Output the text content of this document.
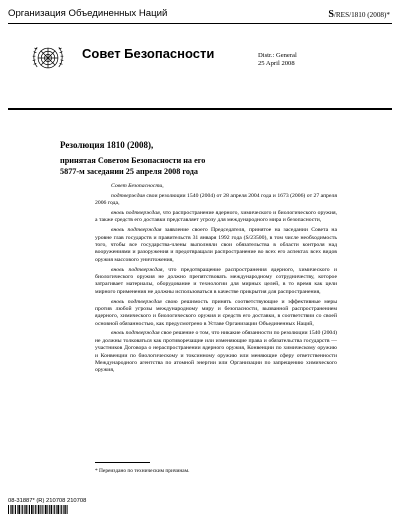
Организация Объединенных Наций	S/RES/1810 (2008)*
Совет Безопасности	Distr.: General
25 April 2008
Резолюция 1810 (2008),
принятая Советом Безопасности на его
5877-м заседании 25 апреля 2008 года

Совет Безопасности,

подтверждая свои резолюции 1540 (2004) от 28 апреля 2004 года и 1673 (2006) от 27 апреля 2006 года,

вновь подтверждая, что распространение ядерного, химического и биологического оружия, а также средств его доставки представляет угрозу для международного мира и безопасности,

вновь подтверждая заявление своего Председателя, принятое на заседании Совета на уровне глав государств и правительств 31 января 1992 года (S/23500), в том числе необходимость того, чтобы все государства-члены выполняли свои обязательства в области контроля над вооружениями и разоружения и предотвращали распространение во всех его аспектах всех видов оружия массового уничтожения,

вновь подтверждая, что предотвращение распространения ядерного, химического и биологического оружия не должно препятствовать международному сотрудничеству, которое затрагивает материалы, оборудование и технологии для мирных целей, в то время как цели мирного применения не должны использоваться в качестве прикрытия для распространения,

вновь подтверждая свою решимость принять соответствующие и эффективные меры против любой угрозы международному миру и безопасности, вызванной распространением ядерного, химического и биологического оружия и средств его доставки, в соответствии со своей основной обязанностью, как предусмотрено в Уставе Организации Объединенных Наций,

вновь подтверждая свое решение о том, что никакие обязанности по резолюции 1540 (2004) не должны толковаться как противоречащие или изменяющие права и обязательства государств — участников Договора о нераспространении ядерного оружия, Конвенции по химическому оружию и Конвенции по биологическому и токсинному оружию или меняющие сферу ответственности Международного агентства по атомной энергии или Организации по запрещению химического оружия,

* Переиздано по техническим причинам.
08-31887* (R) 210708 210708
